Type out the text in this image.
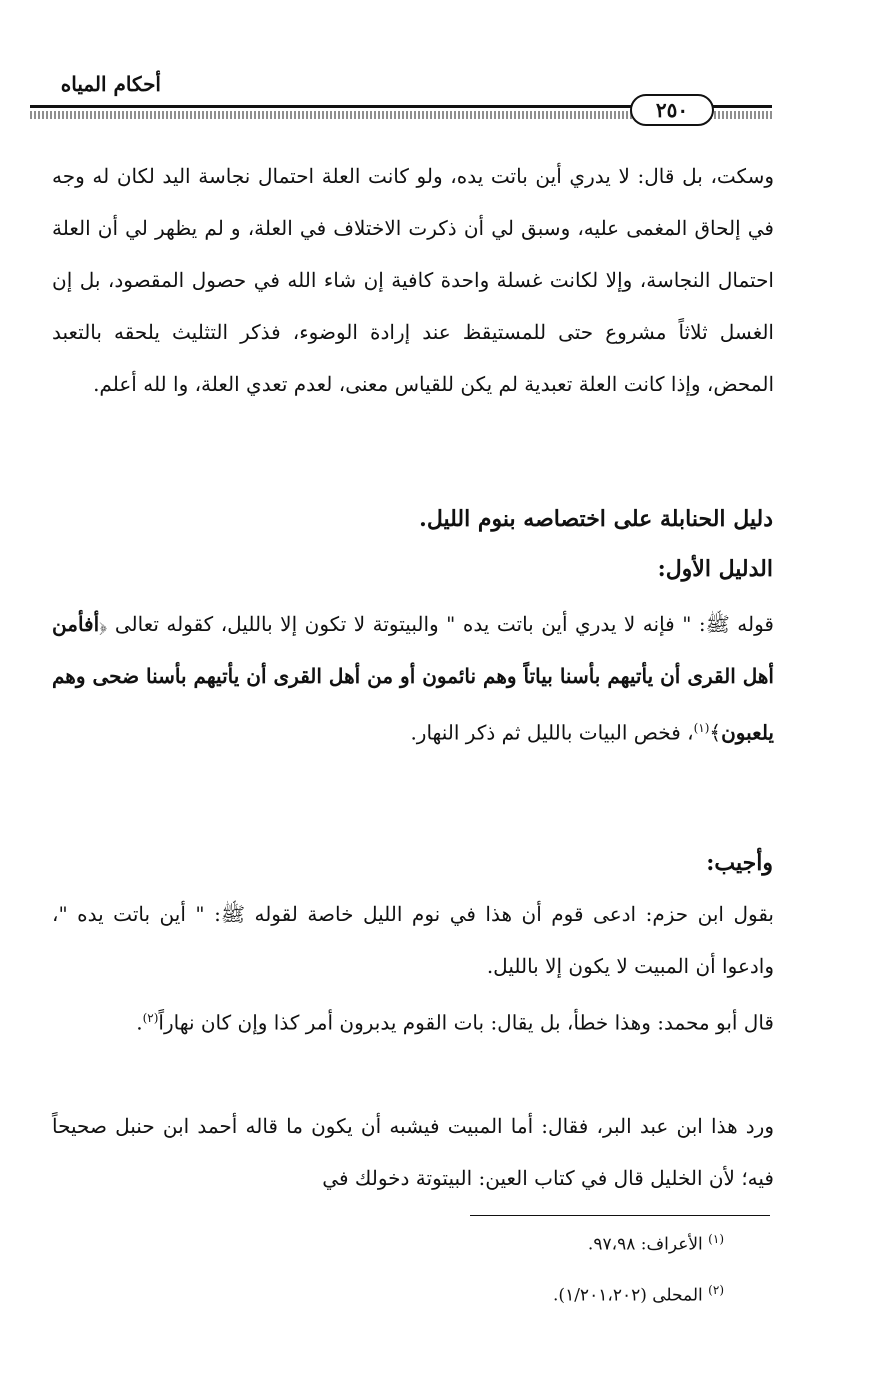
أحكام المياه
٢٥٠

وسكت، بل قال: لا يدري أين باتت يده، ولو كانت العلة احتمال نجاسة اليد لكان له وجه في إلحاق المغمى عليه، وسبق لي أن ذكرت الاختلاف في العلة، و لم يظهر لي أن العلة احتمال النجاسة، وإلا لكانت غسلة واحدة كافية إن شاء الله في حصول المقصود، بل إن الغسل ثلاثاً مشروع حتى للمستيقظ عند إرادة الوضوء، فذكر التثليث يلحقه بالتعبد المحض، وإذا كانت العلة تعبدية لم يكن للقياس معنى، لعدم تعدي العلة، وا لله أعلم.

دليل الحنابلة على اختصاصه بنوم الليل.
الدليل الأول:

قوله ﷺ: " فإنه لا يدري أين باتت يده " والبيتوتة لا تكون إلا بالليل، كقوله تعالى ﴿أفأمن أهل القرى أن يأتيهم بأسنا بياتاً وهم نائمون أو من أهل القرى أن يأتيهم بأسنا ضحى وهم يلعبون﴾$^{(١)}$، فخص البيات بالليل ثم ذكر النهار.

وأجيب:

بقول ابن حزم: ادعى قوم أن هذا في نوم الليل خاصة لقوله ﷺ: " أين باتت يده "، وادعوا أن المبيت لا يكون إلا بالليل.

قال أبو محمد: وهذا خطأ، بل يقال: بات القوم يدبرون أمر كذا وإن كان نهاراً$^{(٢)}$.

ورد هذا ابن عبد البر، فقال: أما المبيت فيشبه أن يكون ما قاله أحمد ابن حنبل صحيحاً فيه؛ لأن الخليل قال في كتاب العين: البيتوتة دخولك في

$^{(١)}$ الأعراف: ٩٧،٩٨.
$^{(٢)}$ المحلى (١/٢٠١،٢٠٢).
